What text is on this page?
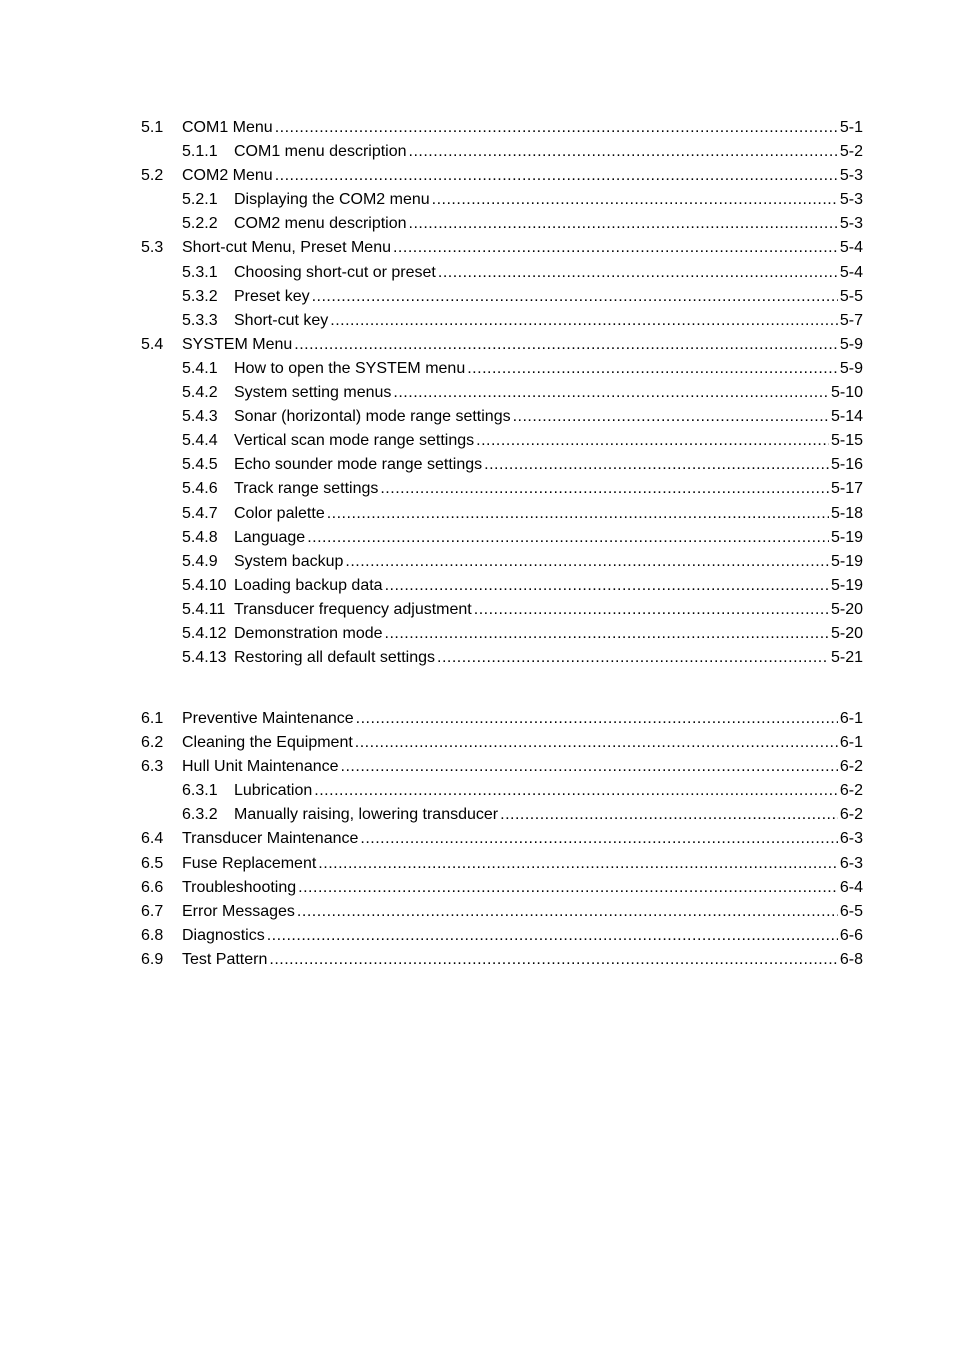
5.1	COM1 Menu .....	5-1
5.1.1	COM1 menu description .....	5-2
5.2	COM2 Menu .....	5-3
5.2.1	Displaying the COM2 menu .....	5-3
5.2.2	COM2 menu description .....	5-3
5.3	Short-cut Menu, Preset Menu .....	5-4
5.3.1	Choosing short-cut or preset .....	5-4
5.3.2	Preset key .....	5-5
5.3.3	Short-cut key .....	5-7
5.4	SYSTEM Menu .....	5-9
5.4.1	How to open the SYSTEM menu .....	5-9
5.4.2	System setting menus .....	5-10
5.4.3	Sonar (horizontal) mode range settings .....	5-14
5.4.4	Vertical scan mode range settings .....	5-15
5.4.5	Echo sounder mode range settings .....	5-16
5.4.6	Track range settings .....	5-17
5.4.7	Color palette .....	5-18
5.4.8	Language .....	5-19
5.4.9	System backup .....	5-19
5.4.10 Loading backup data .....	5-19
5.4.11 Transducer frequency adjustment .....	5-20
5.4.12 Demonstration mode .....	5-20
5.4.13 Restoring all default settings .....	5-21
6.1	Preventive Maintenance .....	6-1
6.2	Cleaning the Equipment .....	6-1
6.3	Hull Unit Maintenance .....	6-2
6.3.1	Lubrication .....	6-2
6.3.2	Manually raising, lowering transducer .....	6-2
6.4	Transducer Maintenance .....	6-3
6.5	Fuse Replacement .....	6-3
6.6	Troubleshooting .....	6-4
6.7	Error Messages .....	6-5
6.8	Diagnostics .....	6-6
6.9	Test Pattern .....	6-8
